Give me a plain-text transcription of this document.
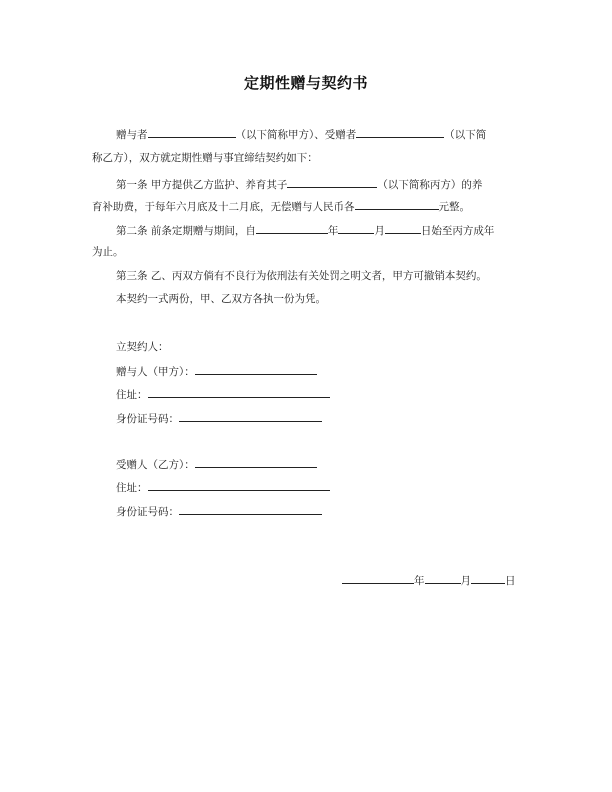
定期性赠与契约书
赠与者	（以下简称甲方）、受赠者	（以下简
称乙方），双方就定期性赠与事宜缔结契约如下：
第一条 甲方提供乙方监护、养育其子	（以下简称丙方）的养
育补助费，于每年六月底及十二月底，无偿赠与人民币各	元整。
第二条 前条定期赠与期间，自	年	月	日始至丙方成年
为止。
第三条 乙、丙双方倘有不良行为依刑法有关处罚之明文者，甲方可撤销本契约。
本契约一式两份，甲、乙双方各执一份为凭。
立契约人：
赠与人（甲方）：
住址：
身份证号码：
受赠人（乙方）：
住址：
身份证号码：
年	月	日
